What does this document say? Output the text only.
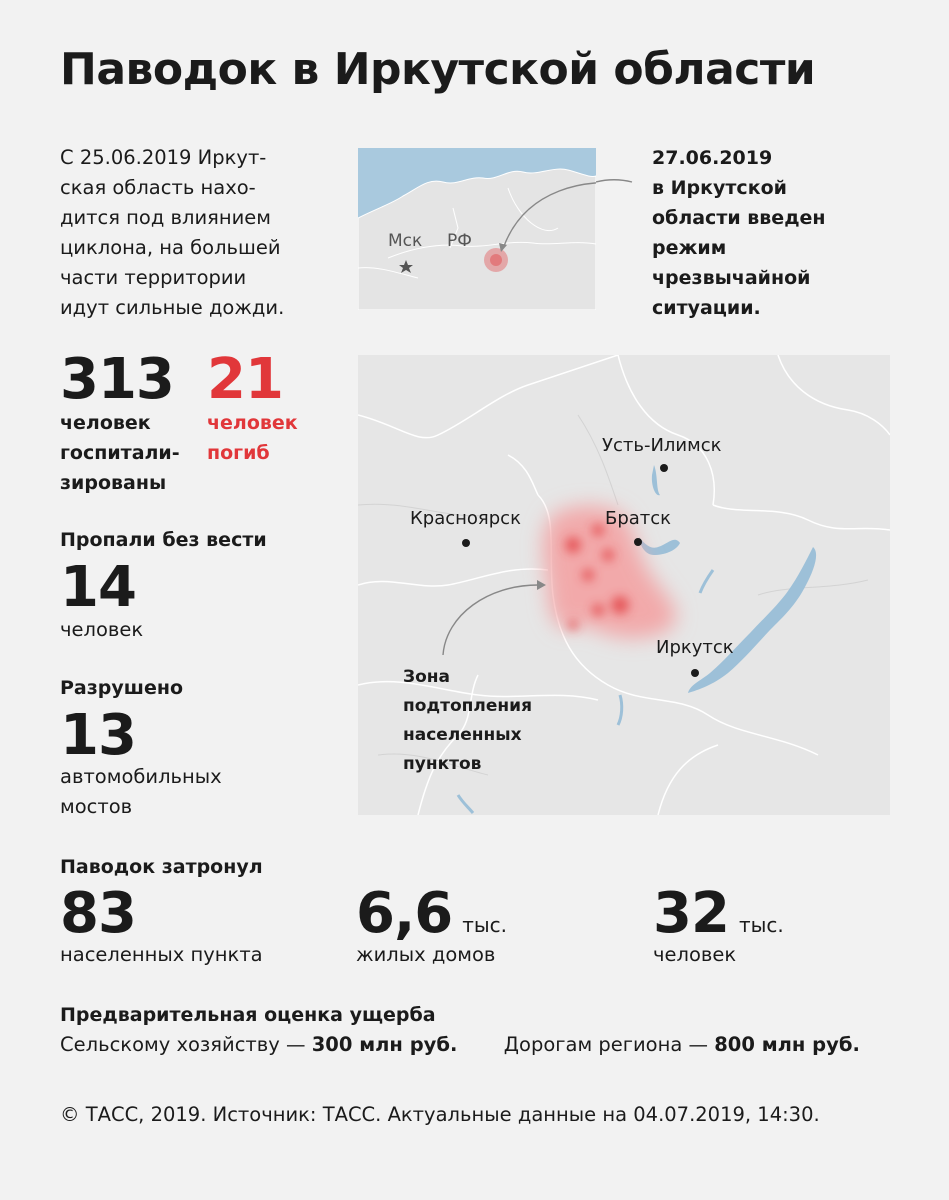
Паводок в Иркутской области
С 25.06.2019 Иркут-
ская область нахо-
дится под влиянием
циклона, на большей
части территории
идут сильные дожди.
Мск РФ
27.06.2019
в Иркутской
области введен
режим
чрезвычайной
ситуации.
313
человек
госпитали-
зированы
21
человек
погиб
Пропали без вести
14
человек
Разрушено
13
автомобильных
мостов
Усть-Илимск
Красноярск	Братск
Иркутск
Зона подтопления населенных пунктов
Паводок затронул
83
населенных пункта
6,6 тыс.
жилых домов
32 тыс.
человек
Предварительная оценка ущерба
Сельскому хозяйству — 300 млн руб. Дорогам региона — 800 млн руб.
© ТАСС, 2019. Источник: ТАСС. Актуальные данные на 04.07.2019, 14:30.
